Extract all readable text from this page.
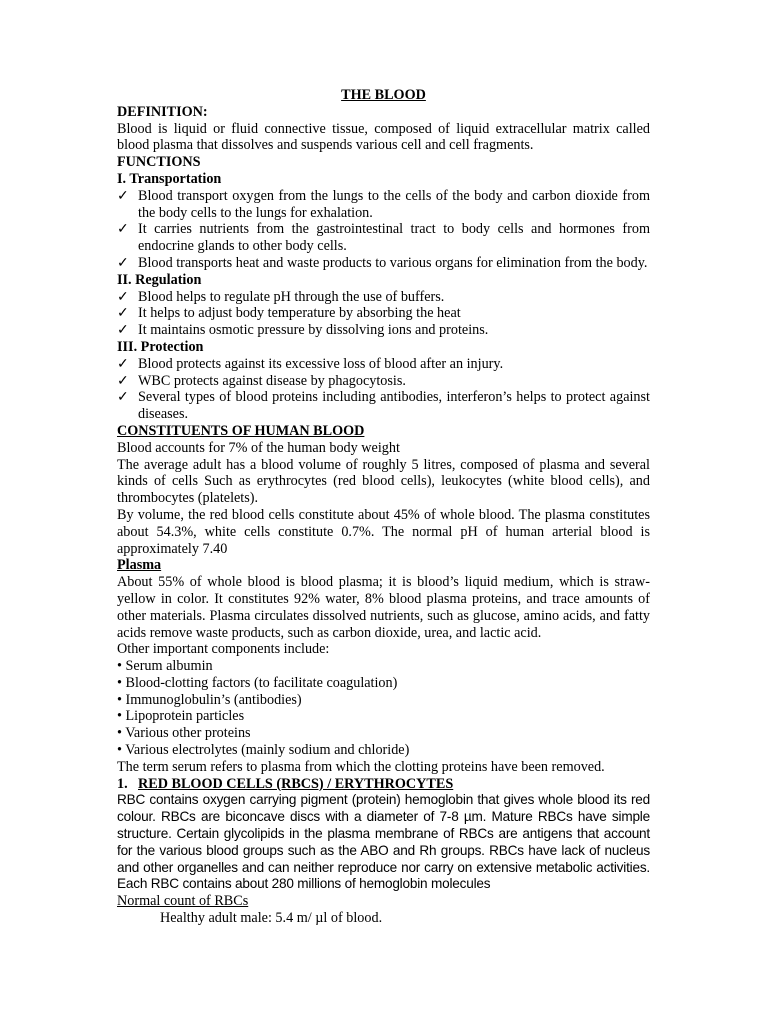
THE BLOOD

DEFINITION:

Blood is liquid or fluid connective tissue, composed of liquid extracellular matrix called blood plasma that dissolves and suspends various cell and cell fragments.

FUNCTIONS

I. Transportation

✓ Blood transport oxygen from the lungs to the cells of the body and carbon dioxide from the body cells to the lungs for exhalation.
✓ It carries nutrients from the gastrointestinal tract to body cells and hormones from endocrine glands to other body cells.
✓ Blood transports heat and waste products to various organs for elimination from the body.

II. Regulation

✓ Blood helps to regulate pH through the use of buffers.
✓ It helps to adjust body temperature by absorbing the heat
✓ It maintains osmotic pressure by dissolving ions and proteins.

III. Protection

✓ Blood protects against its excessive loss of blood after an injury.
✓ WBC protects against disease by phagocytosis.
✓ Several types of blood proteins including antibodies, interferon’s helps to protect against diseases.

CONSTITUENTS OF HUMAN BLOOD

Blood accounts for 7% of the human body weight

The average adult has a blood volume of roughly 5 litres, composed of plasma and several kinds of cells Such as erythrocytes (red blood cells), leukocytes (white blood cells), and thrombocytes (platelets).

By volume, the red blood cells constitute about 45% of whole blood. The plasma constitutes about 54.3%, white cells constitute 0.7%. The normal pH of human arterial blood is approximately 7.40

Plasma

About 55% of whole blood is blood plasma; it is blood’s liquid medium, which is straw-yellow in color. It constitutes 92% water, 8% blood plasma proteins, and trace amounts of other materials. Plasma circulates dissolved nutrients, such as glucose, amino acids, and fatty acids remove waste products, such as carbon dioxide, urea, and lactic acid.

Other important components include:

• Serum albumin
• Blood-clotting factors (to facilitate coagulation)
• Immunoglobulin’s (antibodies)
• Lipoprotein particles
• Various other proteins
• Various electrolytes (mainly sodium and chloride)

The term serum refers to plasma from which the clotting proteins have been removed.

1. RED BLOOD CELLS (RBCS) / ERYTHROCYTES

RBC contains oxygen carrying pigment (protein) hemoglobin that gives whole blood its red colour. RBCs are biconcave discs with a diameter of 7-8 µm. Mature RBCs have simple structure. Certain glycolipids in the plasma membrane of RBCs are antigens that account for the various blood groups such as the ABO and Rh groups. RBCs have lack of nucleus and other organelles and can neither reproduce nor carry on extensive metabolic activities. Each RBC contains about 280 millions of hemoglobin molecules

Normal count of RBCs

Healthy adult male: 5.4 m/ µl of blood.
